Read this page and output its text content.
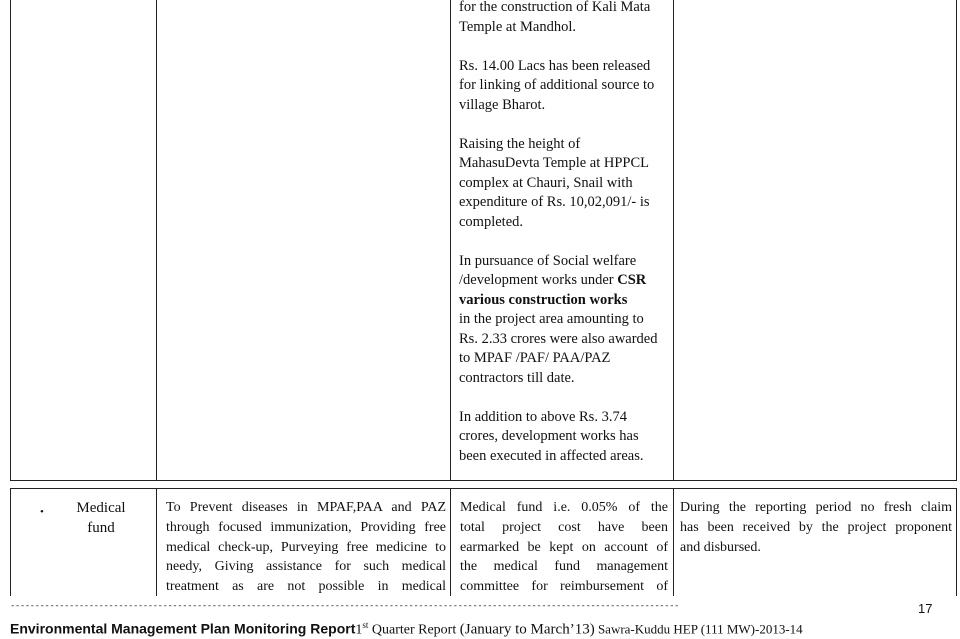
for the construction of Kali Mata

Temple at Mandhol.

Rs. 14.00 Lacs has been released

for linking of additional source to

village Bharot.

Raising the height of

MahasuDevta Temple at HPPCL

complex at Chauri, Snail with

expenditure of Rs. 10,02,091/- is

completed.

In pursuance of Social welfare

/development works under CSR

various construction works

in the project area amounting to

Rs. 2.33 crores were also awarded

to MPAF /PAF/ PAA/PAZ

contractors till date.

In addition to above Rs. 3.74

crores, development works has

been executed in affected areas.

•	Medical

fund

To Prevent diseases in MPAF,PAA and PAZ

through focused immunization, Providing free

medical check-up, Purveying free medicine to

needy, Giving assistance for such medical

treatment as are not possible in medical

Medical fund i.e. 0.05% of the

total project cost have been

earmarked be kept on account of

the medical fund management

committee for reimbursement of

During the reporting period no fresh claim

has been received by the project proponent

and disbursed.

----------------------------------------------------------------------------------------------------------------------------------------	17
Environmental Management Plan Monitoring Report1st Quarter Report (January to March’13) Sawra-Kuddu HEP (111 MW)-2013-14
